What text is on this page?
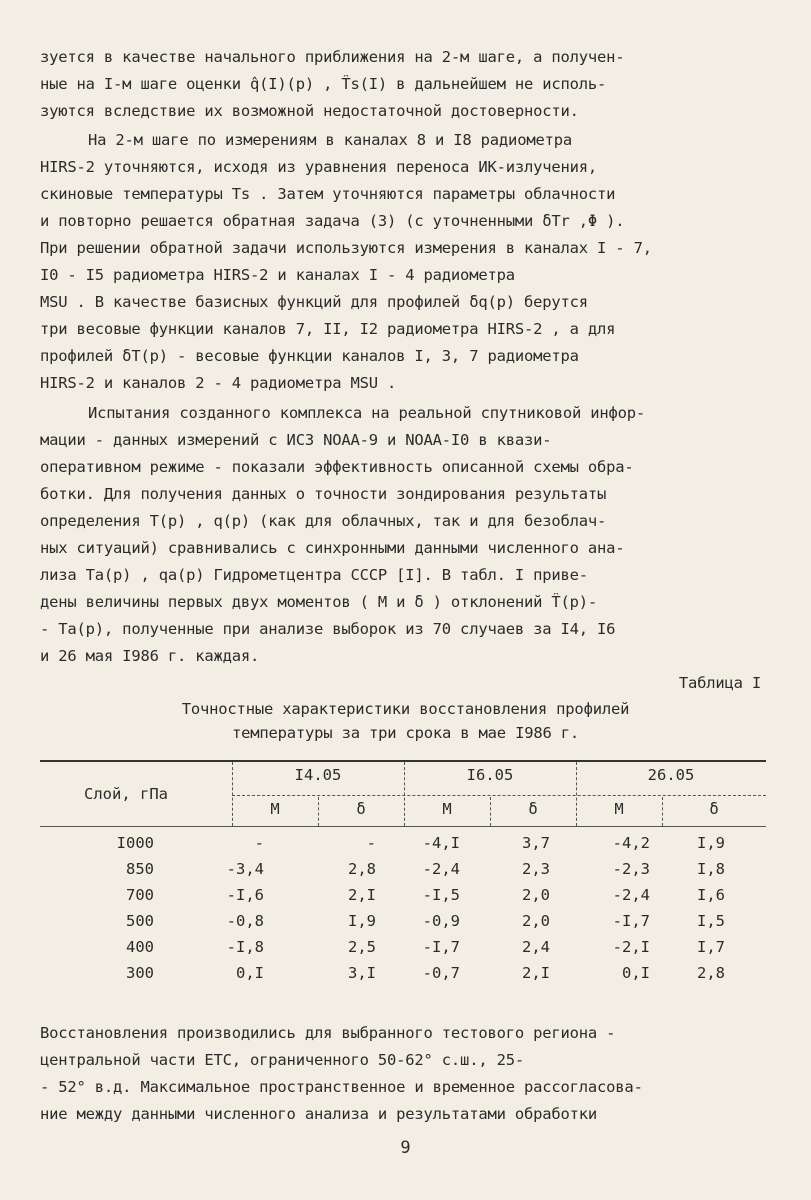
зуется в качестве начального приближения на 2-м шаге, а получен-
ные на I-м шаге оценки q̂(I)(p) , T̂s(I) в дальнейшем не исполь-
зуются вследствие их возможной недостаточной достоверности.
На 2-м шаге по измерениям в каналах 8 и I8 радиометра
HIRS-2 уточняются, исходя из уравнения переноса ИК-излучения,
скиновые температуры Ts . Затем уточняются параметры облачности
и повторно решается обратная задача (3) (с уточненными δTr ,Φ ).
При решении обратной задачи используются измерения в каналах I - 7,
I0 - I5 радиометра HIRS-2 и каналах I - 4 радиометра
MSU . В качестве базисных функций для профилей δq(p) берутся
три весовые функции каналов 7, II, I2 радиометра HIRS-2 , а для
профилей δT(p) - весовые функции каналов I, 3, 7 радиометра
HIRS-2 и каналов 2 - 4 радиометра MSU .
Испытания созданного комплекса на реальной спутниковой инфор-
мации - данных измерений с ИСЗ NOAA-9 и NOAA-I0 в квази-
оперативном режиме - показали эффективность описанной схемы обра-
ботки. Для получения данных о точности зондирования результаты
определения T(p) , q(p) (как для облачных, так и для безоблач-
ных ситуаций) сравнивались с синхронными данными численного ана-
лиза Ta(p) , qa(p) Гидрометцентра СССР [I]. В табл. I приве-
дены величины первых двух моментов ( M и δ ) отклонений T̂(p)-
- Ta(p), полученные при анализе выборок из 70 случаев за I4, I6
и 26 мая I986 г. каждая.
Таблица I
Точностные характеристики восстановления профилей
температуры за три срока в мае I986 г.
Слой, гПа
I4.05	I6.05	26.05
M	δ	M	δ	M	δ
I000	-	-	-4,I	3,7	-4,2	I,9
850	-3,4	2,8	-2,4	2,3	-2,3	I,8
700	-I,6	2,I	-I,5	2,0	-2,4	I,6
500	-0,8	I,9	-0,9	2,0	-I,7	I,5
400	-I,8	2,5	-I,7	2,4	-2,I	I,7
300	0,I	3,I	-0,7	2,I	0,I	2,8
Восстановления производились для выбранного тестового региона -
центральной части ЕТС, ограниченного 50-62° с.ш., 25-
- 52° в.д. Максимальное пространственное и временное рассогласова-
ние между данными численного анализа и результатами обработки
9
